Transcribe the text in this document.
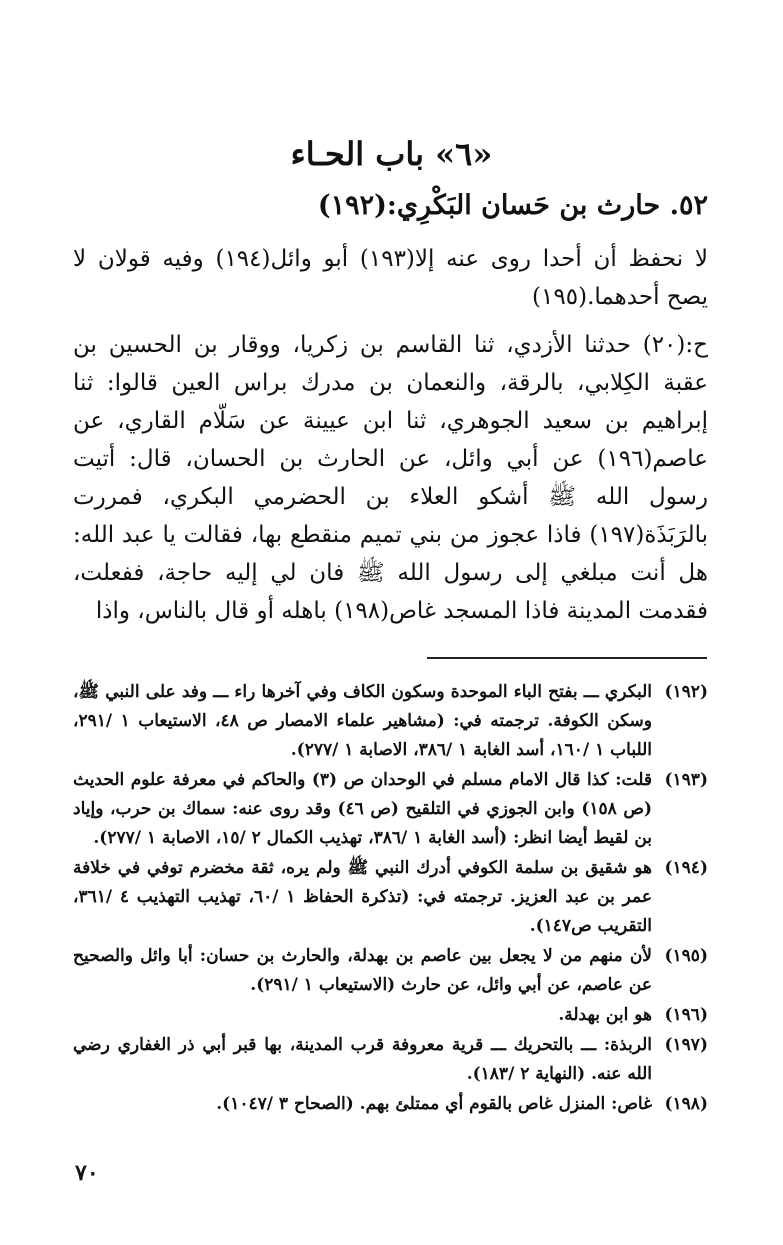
«٦» باب الحـاء
٥٢. حارث بن حَسان البَكْرِي:(١٩٢)
لا نحفظ أن أحدا روى عنه إلا(١٩٣) أبو وائل(١٩٤) وفيه قولان لا يصح أحدهما.(١٩٥)
ح:(٢٠) حدثنا الأزدي، ثنا القاسم بن زكريا، ووقار بن الحسين بن عقبة الكِلابي، بالرقة، والنعمان بن مدرك براس العين قالوا: ثنا إبراهيم بن سعيد الجوهري، ثنا ابن عيينة عن سَلّام القاري، عن عاصم(١٩٦) عن أبي وائل، عن الحارث بن الحسان، قال: أتيت رسول الله ﷺ أشكو العلاء بن الحضرمي البكري، فمررت بالرَبَذَة(١٩٧) فاذا عجوز من بني تميم منقطع بها، فقالت يا عبد الله: هل أنت مبلغي إلى رسول الله ﷺ فان لي إليه حاجة، ففعلت، فقدمت المدينة فاذا المسجد غاص(١٩٨) باهله أو قال بالناس، واذا
(١٩٢)
البكري ـــ بفتح الباء الموحدة وسكون الكاف وفي آخرها راء ـــ وفد على النبي ﷺ، وسكن الكوفة. ترجمته في: (مشاهير علماء الامصار ص ٤٨، الاستيعاب ١ /٢٩١، اللباب ١ /١٦٠، أسد الغابة ١ /٣٨٦، الاصابة ١ /٢٧٧).
(١٩٣)
قلت: كذا قال الامام مسلم في الوحدان ص (٣) والحاكم في معرفة علوم الحديث (ص ١٥٨) وابن الجوزي في التلقيح (ص ٤٦) وقد روى عنه: سماك بن حرب، وإياد بن لقيط أيضا انظر: (أسد الغابة ١ /٣٨٦، تهذيب الكمال ٢ /١٥، الاصابة ١ /٢٧٧).
(١٩٤)
هو شقيق بن سلمة الكوفي أدرك النبي ﷺ ولم يره، ثقة مخضرم توفي في خلافة عمر بن عبد العزيز. ترجمته في: (تذكرة الحفاظ ١ /٦٠، تهذيب التهذيب ٤ /٣٦١، التقريب ص١٤٧).
(١٩٥)
لأن منهم من لا يجعل بين عاصم بن بهدلة، والحارث بن حسان: أبا وائل والصحيح عن عاصم، عن أبي وائل، عن حارث (الاستيعاب ١ /٢٩١).
(١٩٦)
هو ابن بهدلة.
(١٩٧)
الربذة: ـــ بالتحريك ـــ قرية معروفة قرب المدينة، بها قبر أبي ذر الغفاري رضي الله عنه. (النهاية ٢ /١٨٣).
(١٩٨)
غاص: المنزل غاص بالقوم أي ممتلئ بهم. (الصحاح ٣ /١٠٤٧).
٧٠
